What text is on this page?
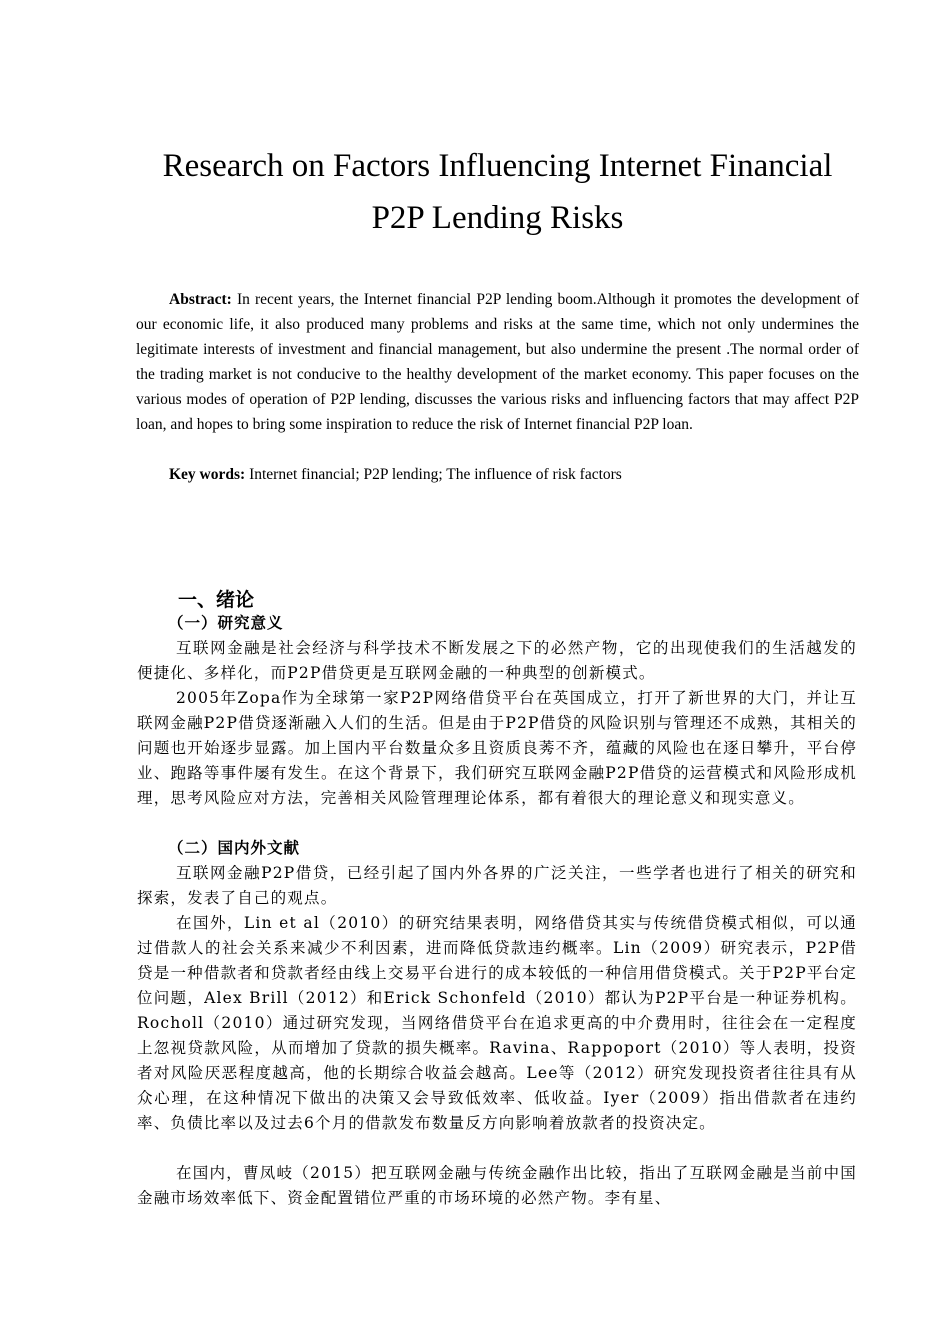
Research on Factors Influencing Internet Financial
P2P Lending Risks

Abstract: In recent years, the Internet financial P2P lending boom.Although it promotes the development of our economic life, it also produced many problems and risks at the same time, which not only undermines the legitimate interests of investment and financial management, but also undermine the present .The normal order of the trading market is not conducive to the healthy development of the market economy. This paper focuses on the various modes of operation of P2P lending, discusses the various risks and influencing factors that may affect P2P loan, and hopes to bring some inspiration to reduce the risk of Internet financial P2P loan.

Key words: Internet financial; P2P lending; The influence of risk factors

一、绪论
（一）研究意义

互联网金融是社会经济与科学技术不断发展之下的必然产物，它的出现使我们的生活越发的便捷化、多样化，而P2P借贷更是互联网金融的一种典型的创新模式。

2005年Zopa作为全球第一家P2P网络借贷平台在英国成立，打开了新世界的大门，并让互联网金融P2P借贷逐渐融入人们的生活。但是由于P2P借贷的风险识别与管理还不成熟，其相关的问题也开始逐步显露。加上国内平台数量众多且资质良莠不齐，蕴藏的风险也在逐日攀升，平台停业、跑路等事件屡有发生。在这个背景下，我们研究互联网金融P2P借贷的运营模式和风险形成机理，思考风险应对方法，完善相关风险管理理论体系，都有着很大的理论意义和现实意义。

（二）国内外文献

互联网金融P2P借贷，已经引起了国内外各界的广泛关注，一些学者也进行了相关的研究和探索，发表了自己的观点。

在国外，Lin et al（2010）的研究结果表明，网络借贷其实与传统借贷模式相似，可以通过借款人的社会关系来减少不利因素，进而降低贷款违约概率。Lin（2009）研究表示，P2P借贷是一种借款者和贷款者经由线上交易平台进行的成本较低的一种信用借贷模式。关于P2P平台定位问题，Alex Brill（2012）和Erick Schonfeld（2010）都认为P2P平台是一种证券机构。Rocholl（2010）通过研究发现，当网络借贷平台在追求更高的中介费用时，往往会在一定程度上忽视贷款风险，从而增加了贷款的损失概率。Ravina、Rappoport（2010）等人表明，投资者对风险厌恶程度越高，他的长期综合收益会越高。Lee等（2012）研究发现投资者往往具有从众心理，在这种情况下做出的决策又会导致低效率、低收益。Iyer（2009）指出借款者在违约率、负债比率以及过去6个月的借款发布数量反方向影响着放款者的投资决定。

在国内，曹凤岐（2015）把互联网金融与传统金融作出比较，指出了互联网金融是当前中国金融市场效率低下、资金配置错位严重的市场环境的必然产物。李有星、
